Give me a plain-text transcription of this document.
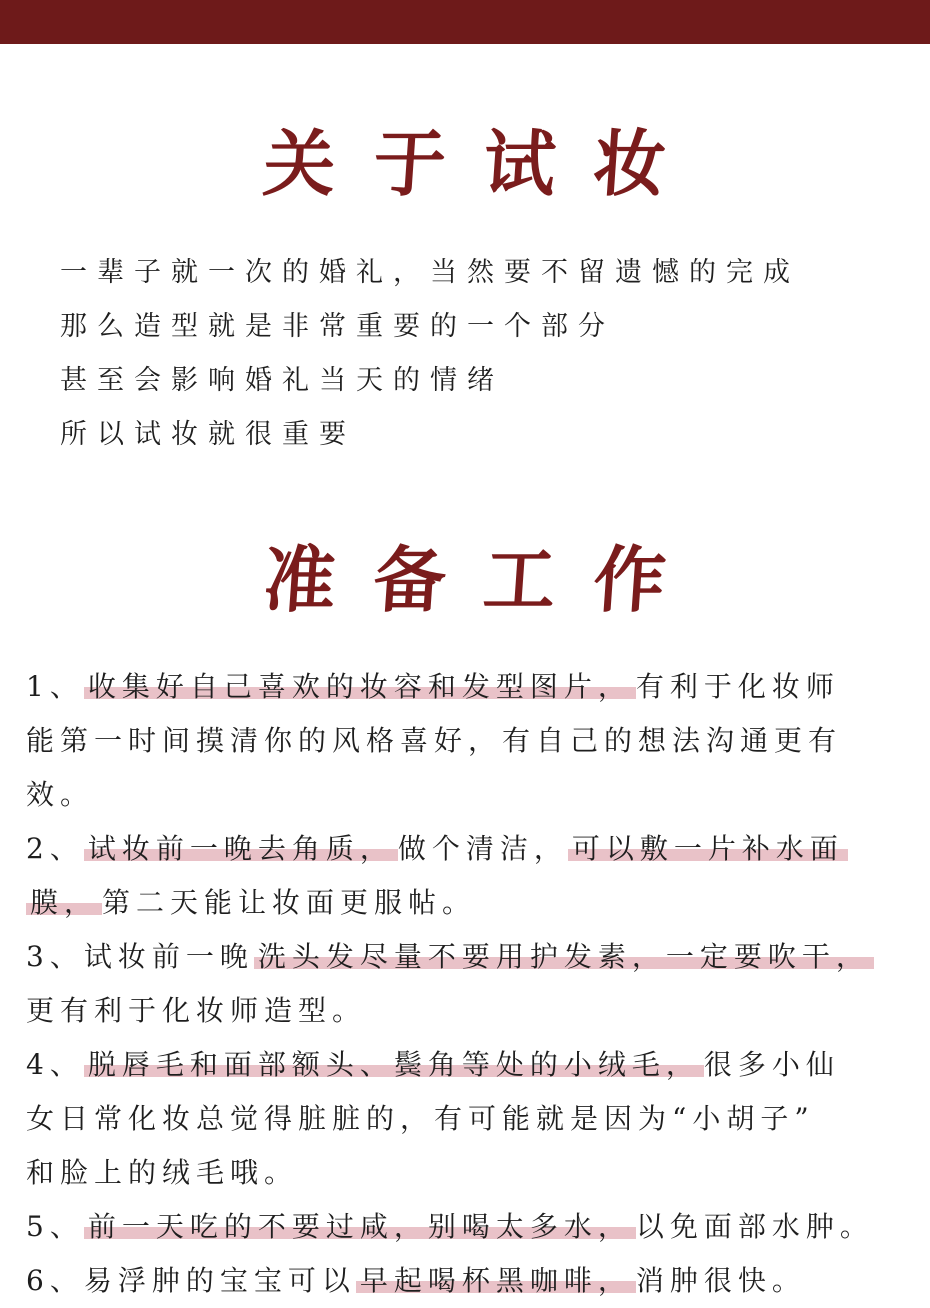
关于试妆
一辈子就一次的婚礼，当然要不留遗憾的完成
那么造型就是非常重要的一个部分
甚至会影响婚礼当天的情绪
所以试妆就很重要
准备工作
1、 收集好自己喜欢的妆容和发型图片， 有利于化妆师
能第一时间摸清你的风格喜好，有自己的想法沟通更有
效。
2、 试妆前一晚去角质， 做个清洁， 可以敷一片补水面
膜， 第二天能让妆面更服帖。
3、试妆前一晚 洗头发尽量不要用护发素，一定要吹干，
更有利于化妆师造型。
4、 脱唇毛和面部额头、鬓角等处的小绒毛， 很多小仙
女日常化妆总觉得脏脏的，有可能就是因为“小胡子”
和脸上的绒毛哦。
5、 前一天吃的不要过咸，别喝太多水， 以免面部水肿。
6、易浮肿的宝宝可以 早起喝杯黑咖啡， 消肿很快。
